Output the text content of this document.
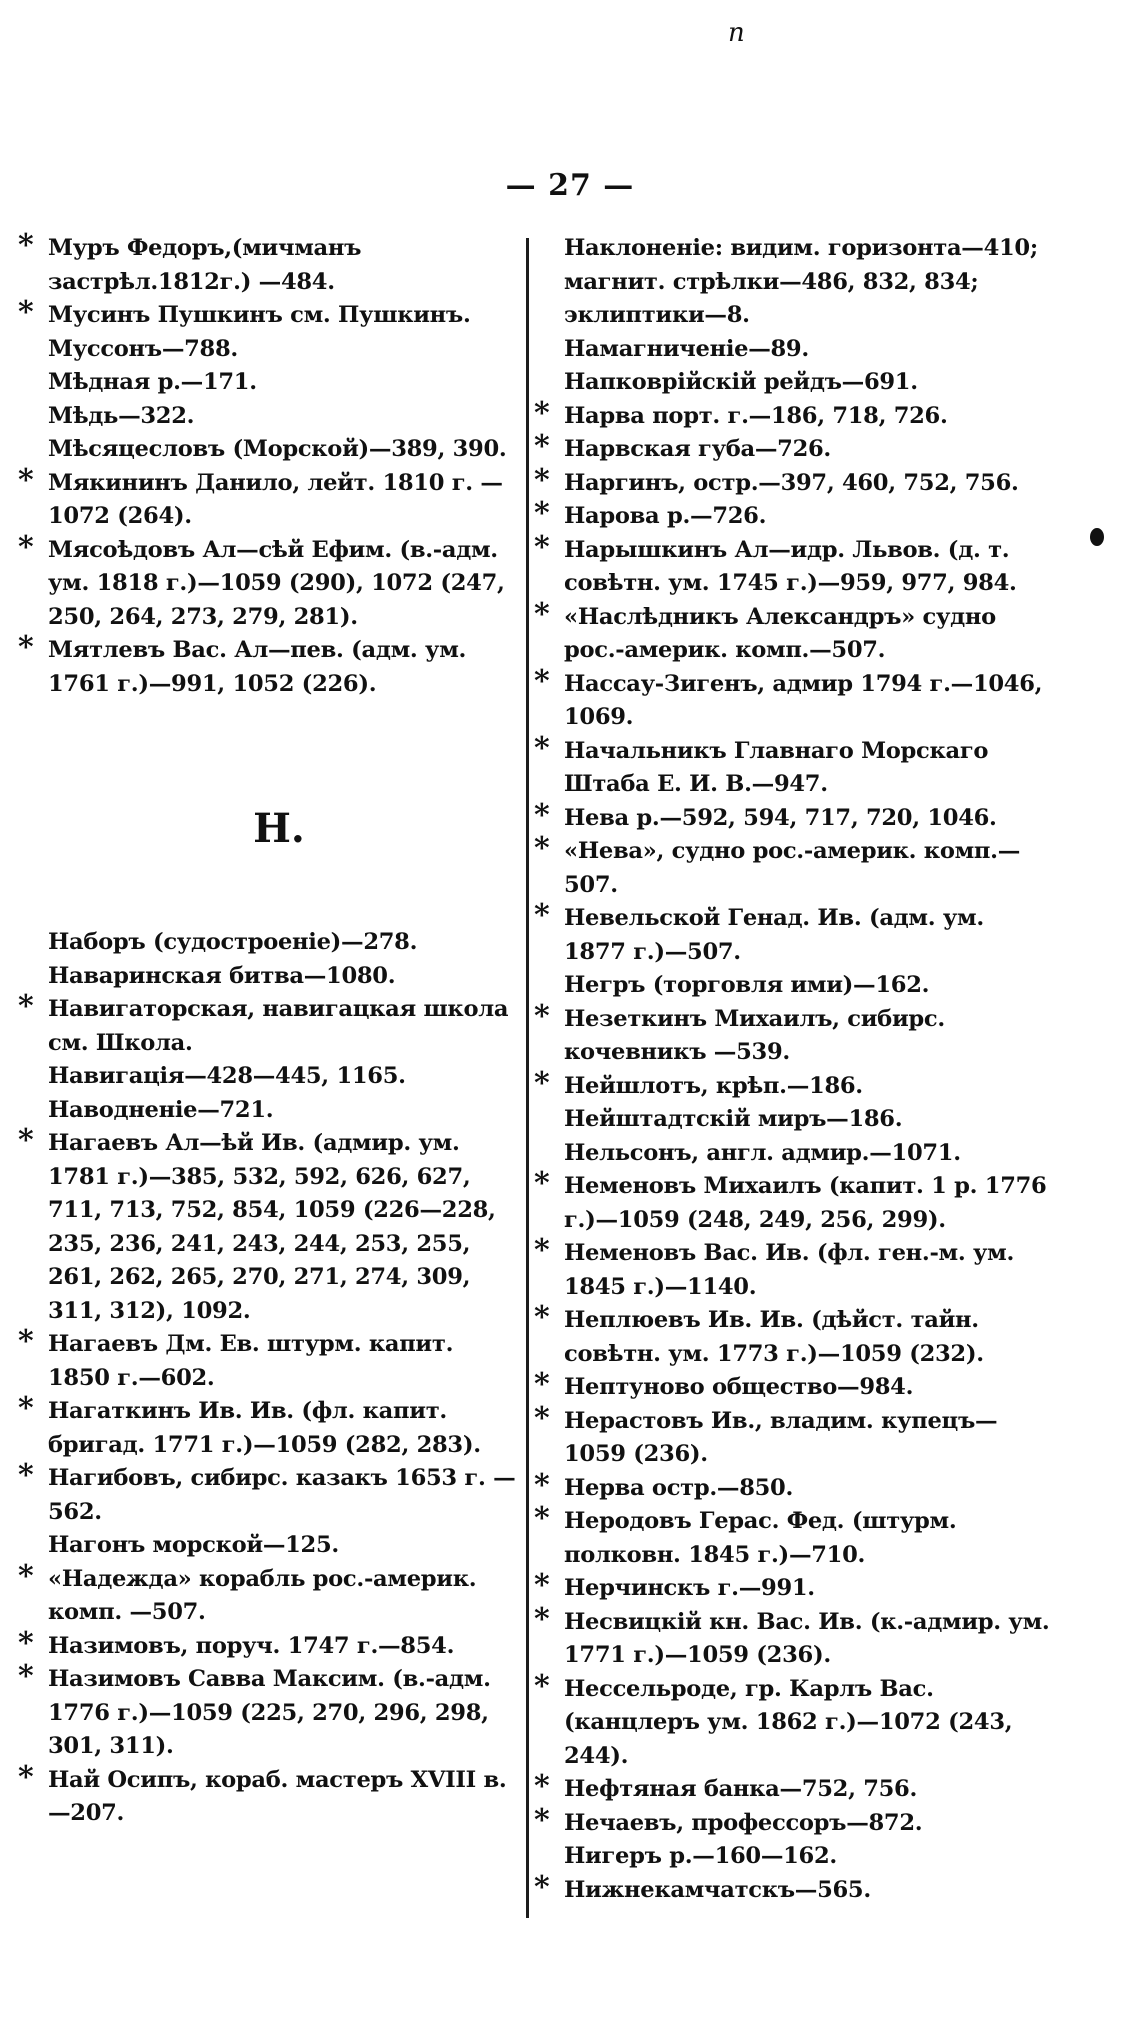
n
— 27 —

* Муръ Федоръ,(мичманъ застрѣл.1812г.) —484.

* Мусинъ Пушкинъ см. Пушкинъ.

Муссонъ—788.

Мѣдная р.—171.

Мѣдь—322.

Мѣсяцесловъ (Морской)—389, 390.

* Мякининъ Данило, лейт. 1810 г. —1072 (264).

* Мясоѣдовъ Ал—сѣй Ефим. (в.-адм. ум. 1818 г.)—1059 (290), 1072 (247, 250, 264, 273, 279, 281).

* Мятлевъ Вас. Ал—пев. (адм. ум. 1761 г.)—991, 1052 (226).

Н.

Наборъ (судостроеніе)—278.

Наваринская битва—1080.

* Навигаторская, навигацкая школа см. Школа.

Навигація—428—445, 1165.

Наводненіе—721.

* Нагаевъ Ал—ѣй Ив. (адмир. ум. 1781 г.)—385, 532, 592, 626, 627, 711, 713, 752, 854, 1059 (226—228, 235, 236, 241, 243, 244, 253, 255, 261, 262, 265, 270, 271, 274, 309, 311, 312), 1092.

* Нагаевъ Дм. Ев. штурм. капит. 1850 г.—602.

* Нагаткинъ Ив. Ив. (фл. капит. бригад. 1771 г.)—1059 (282, 283).

* Нагибовъ, сибирс. казакъ 1653 г. —562.

Нагонъ морской—125.

* «Надежда» корабль рос.-америк. комп. —507.

* Назимовъ, поруч. 1747 г.—854.

* Назимовъ Савва Максим. (в.-адм. 1776 г.)—1059 (225, 270, 296, 298, 301, 311).

* Най Осипъ, кораб. мастеръ XVIII в. —207.

Наклоненіе: видим. горизонта—410; магнит. стрѣлки—486, 832, 834; эклиптики—8.

Намагниченіе—89.

Напковрійскій рейдъ—691.

* Нарва порт. г.—186, 718, 726.

* Нарвская губа—726.

* Наргинъ, остр.—397, 460, 752, 756.

* Нарова р.—726.

* Нарышкинъ Ал—идр. Львов. (д. т. совѣтн. ум. 1745 г.)—959, 977, 984.

* «Наслѣдникъ Александръ» судно рос.-америк. комп.—507.

* Нассау-Зигенъ, адмир 1794 г.—1046, 1069.

* Начальникъ Главнаго Морскаго Штаба Е. И. В.—947.

* Нева р.—592, 594, 717, 720, 1046.

* «Нева», судно рос.-америк. комп.—507.

* Невельской Генад. Ив. (адм. ум. 1877 г.)—507.

Негръ (торговля ими)—162.

* Незеткинъ Михаилъ, сибирс. кочевникъ —539.

* Нейшлотъ, крѣп.—186.

Нейштадтскій миръ—186.

Нельсонъ, англ. адмир.—1071.

* Неменовъ Михаилъ (капит. 1 р. 1776 г.)—1059 (248, 249, 256, 299).

* Неменовъ Вас. Ив. (фл. ген.-м. ум. 1845 г.)—1140.

* Неплюевъ Ив. Ив. (дѣйст. тайн. совѣтн. ум. 1773 г.)—1059 (232).

* Нептуново общество—984.

* Нерастовъ Ив., владим. купецъ— 1059 (236).

* Нерва остр.—850.

* Неродовъ Герас. Фед. (штурм. полковн. 1845 г.)—710.

* Нерчинскъ г.—991.

* Несвицкій кн. Вас. Ив. (к.-адмир. ум. 1771 г.)—1059 (236).

* Нессельроде, гр. Карлъ Вас. (канцлеръ ум. 1862 г.)—1072 (243, 244).

* Нефтяная банка—752, 756.

* Нечаевъ, профессоръ—872.

Нигеръ р.—160—162.

* Нижнекамчатскъ—565.
